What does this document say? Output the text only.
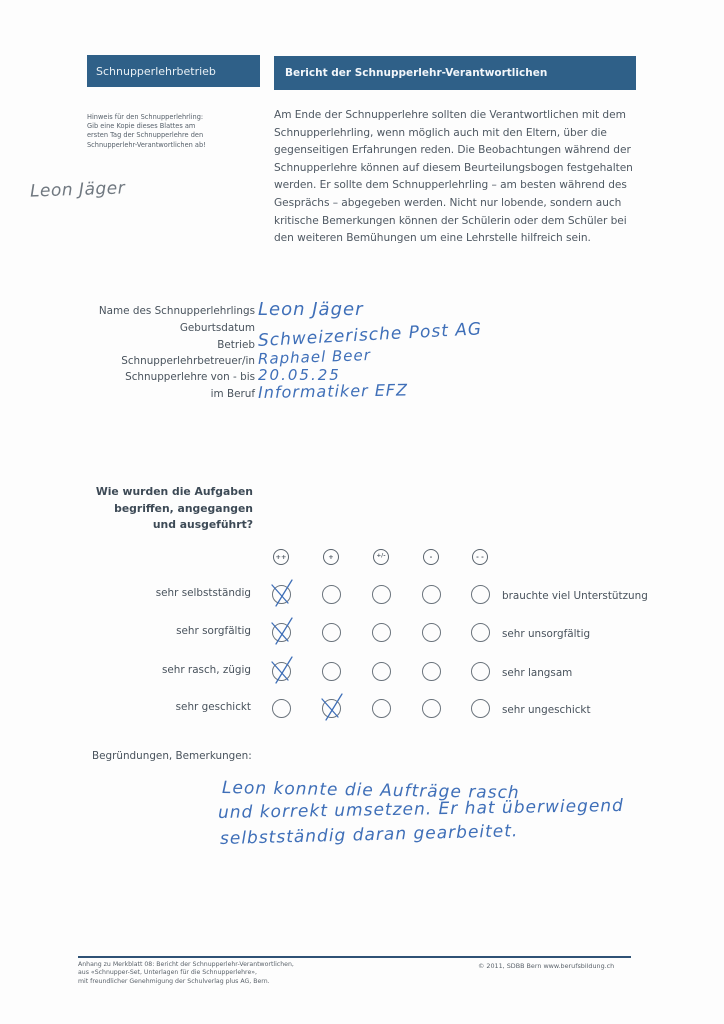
Schnupperlehrbetrieb	Bericht der Schnupperlehr-Verantwortlichen
Hinweis für den Schnupperlehrling:
Gib eine Kopie dieses Blattes am
ersten Tag der Schnupperlehre den
Schnupperlehr-Verantwortlichen ab!
Am Ende der Schnupperlehre sollten die Verantwortlichen mit dem
Schnupperlehrling, wenn möglich auch mit den Eltern, über die
gegenseitigen Erfahrungen reden. Die Beobachtungen während der
Schnupperlehre können auf diesem Beurteilungsbogen festgehalten
werden. Er sollte dem Schnupperlehrling – am besten während des
Gesprächs – abgegeben werden. Nicht nur lobende, sondern auch
kritische Bemerkungen können der Schülerin oder dem Schüler bei
den weiteren Bemühungen um eine Lehrstelle hilfreich sein.
Leon Jäger
Name des Schnupperlehrlings Leon Jäger
Geburtsdatum
Betrieb Schweizerische Post AG
Schnupperlehrbetreuer/in Raphael Beer
Schnupperlehre von - bis 20.05.25
im Beruf Informatiker EFZ
Wie wurden die Aufgaben
begriffen, angegangen
und ausgeführt?
++	+	+/-	-	- -
sehr selbstständig	brauchte viel Unterstützung
sehr sorgfältig	sehr unsorgfältig
sehr rasch, zügig	sehr langsam
sehr geschickt	sehr ungeschickt
Begründungen, Bemerkungen:
Leon konnte die Aufträge rasch
und korrekt umsetzen. Er hat überwiegend
selbstständig daran gearbeitet.
Anhang zu Merkblatt 08: Bericht der Schnupperlehr-Verantwortlichen,
aus «Schnupper-Set, Unterlagen für die Schnupperlehre»,
mit freundlicher Genehmigung der Schulverlag plus AG, Bern.
© 2011, SDBB Bern www.berufsbildung.ch
